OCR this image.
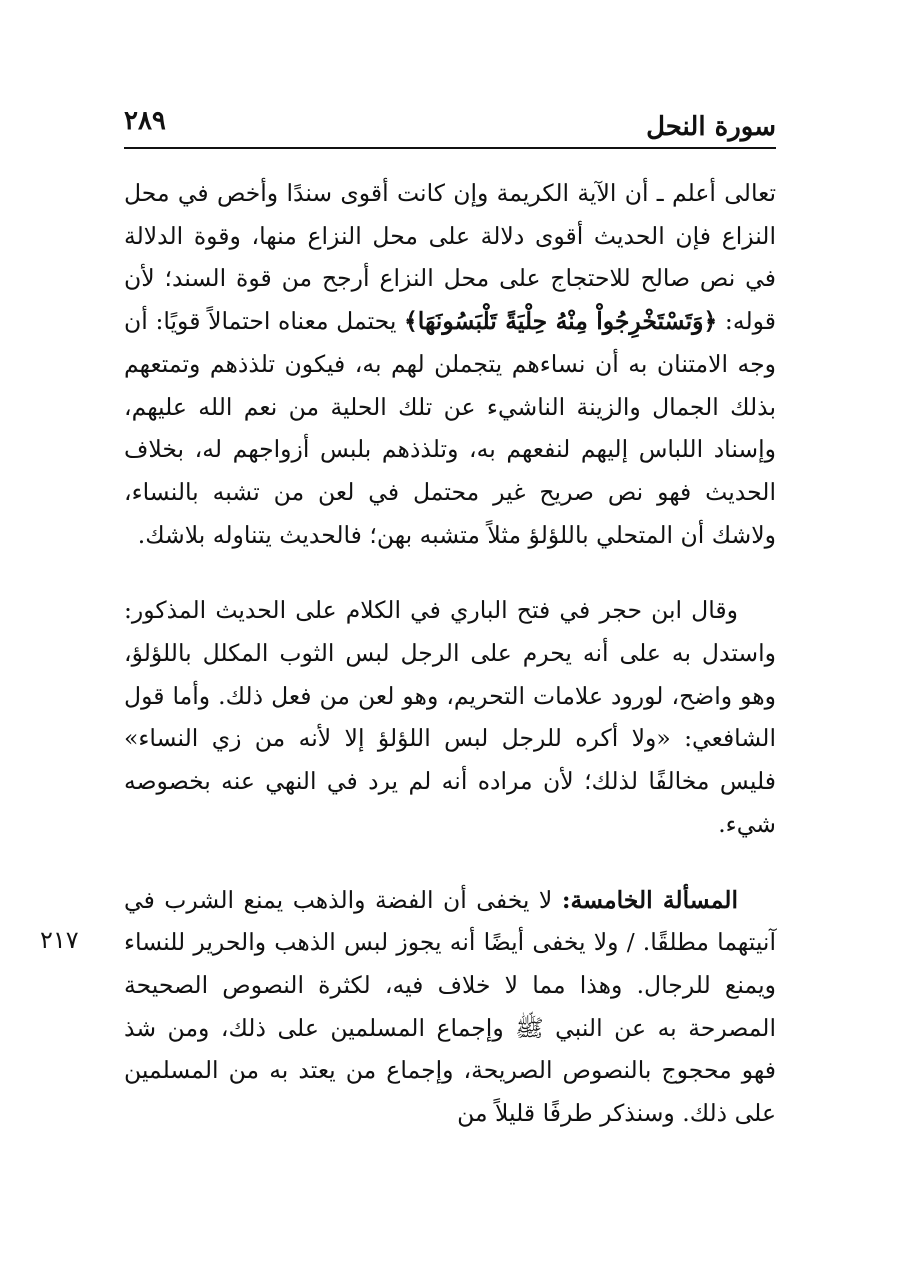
سورة النحل
٢٨٩
٢١٧

تعالى أعلم ـ أن الآية الكريمة وإن كانت أقوى سندًا وأخص في محل النزاع فإن الحديث أقوى دلالة على محل النزاع منها، وقوة الدلالة في نص صالح للاحتجاج على محل النزاع أرجح من قوة السند؛ لأن قوله: ﴿وَتَسْتَخْرِجُواْ مِنْهُ حِلْيَةً تَلْبَسُونَهَا﴾ يحتمل معناه احتمالاً قويًا: أن وجه الامتنان به أن نساءهم يتجملن لهم به، فيكون تلذذهم وتمتعهم بذلك الجمال والزينة الناشيء عن تلك الحلية من نعم الله عليهم، وإسناد اللباس إليهم لنفعهم به، وتلذذهم بلبس أزواجهم له، بخلاف الحديث فهو نص صريح غير محتمل في لعن من تشبه بالنساء، ولاشك أن المتحلي باللؤلؤ مثلاً متشبه بهن؛ فالحديث يتناوله بلاشك.

وقال ابن حجر في فتح الباري في الكلام على الحديث المذكور: واستدل به على أنه يحرم على الرجل لبس الثوب المكلل باللؤلؤ، وهو واضح، لورود علامات التحريم، وهو لعن من فعل ذلك. وأما قول الشافعي: «ولا أكره للرجل لبس اللؤلؤ إلا لأنه من زي النساء» فليس مخالفًا لذلك؛ لأن مراده أنه لم يرد في النهي عنه بخصوصه شيء.

المسألة الخامسة: لا يخفى أن الفضة والذهب يمنع الشرب في آنيتهما مطلقًا. / ولا يخفى أيضًا أنه يجوز لبس الذهب والحرير للنساء ويمنع للرجال. وهذا مما لا خلاف فيه، لكثرة النصوص الصحيحة المصرحة به عن النبي ﷺ وإجماع المسلمين على ذلك، ومن شذ فهو محجوج بالنصوص الصريحة، وإجماع من يعتد به من المسلمين على ذلك. وسنذكر طرفًا قليلاً من
